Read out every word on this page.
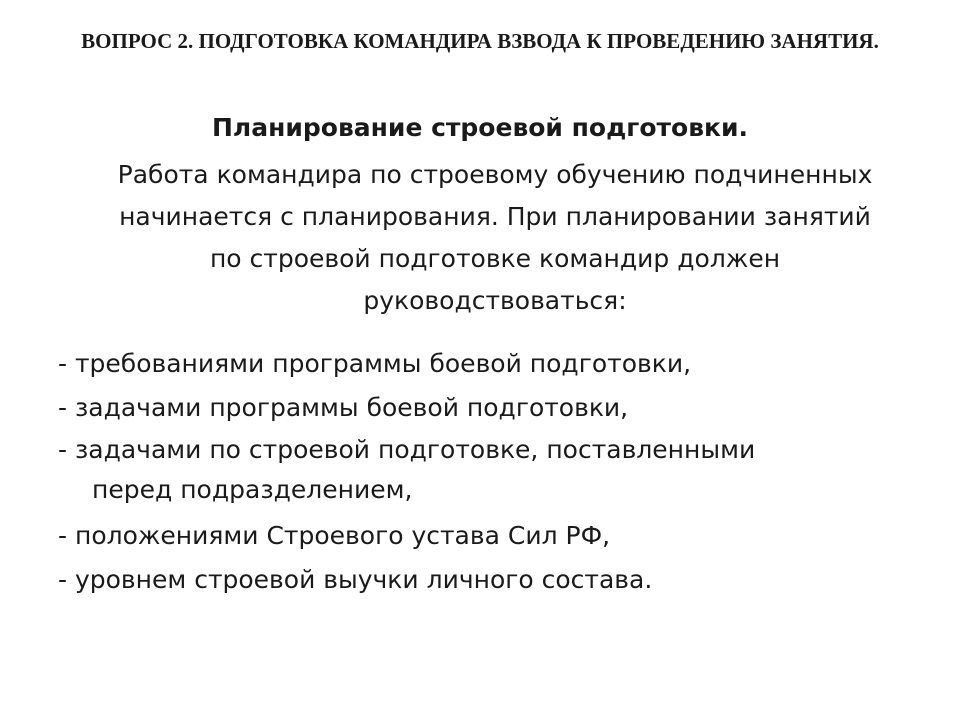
ВОПРОС 2. ПОДГОТОВКА КОМАНДИРА ВЗВОДА К ПРОВЕДЕНИЮ ЗАНЯТИЯ.
Планирование строевой подготовки.

Работа командира по строевому обучению подчиненных начинается с планирования. При планировании занятий по строевой подготовке командир должен руководствоваться:

- требованиями программы боевой подготовки,
- задачами программы боевой подготовки,
- задачами по строевой подготовке, поставленными
перед подразделением,
- положениями Строевого устава Сил РФ,
- уровнем строевой выучки личного состава.
